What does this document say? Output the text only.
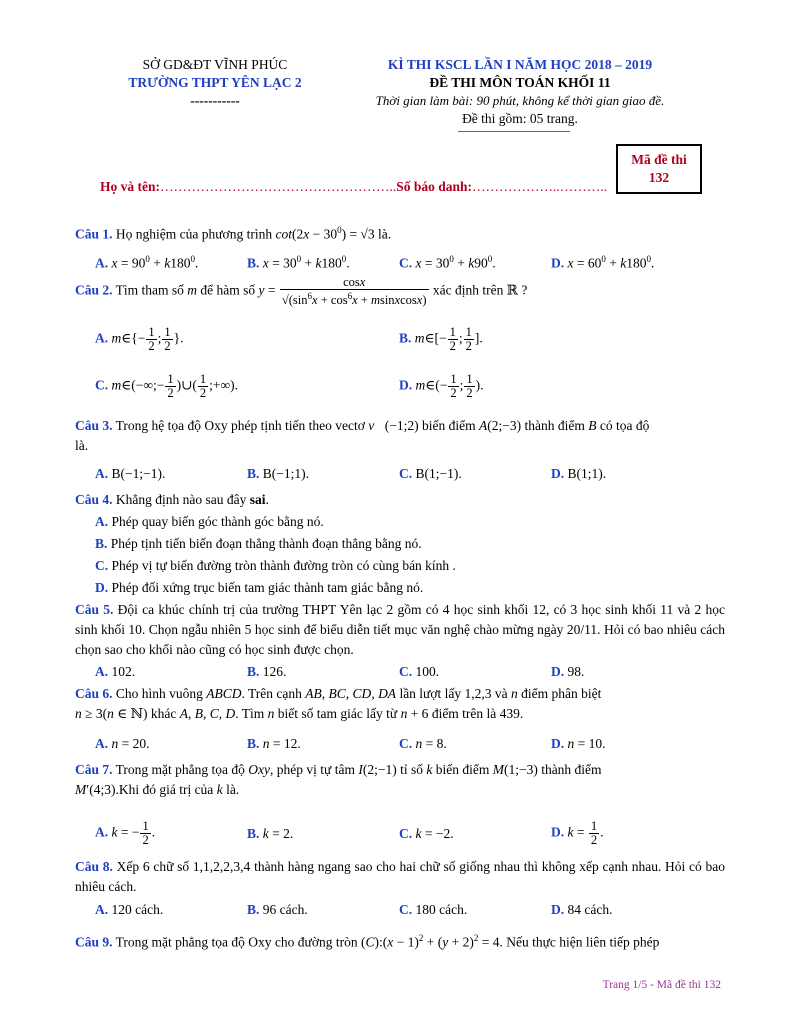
SỞ GD&ĐT VĨNH PHÚC
TRƯỜNG THPT YÊN LẠC 2
-----------
KÌ THI KSCL LẦN I NĂM HỌC 2018 – 2019
ĐỀ THI MÔN TOÁN KHỐI 11
Thời gian làm bài: 90 phút, không kể thời gian giao đề.
Đề thi gồm: 05 trang.
Mã đề thi
132
Họ và tên:……………………………………………..Số báo danh:………………..………..
Câu 1. Họ nghiệm của phương trình $\cot(2x - 30^0) = √3$ là.
A. $x = 90^0 + k180^0$.	B. $x = 30^0 + k180^0$.	C. $x = 30^0 + k90^0$.	D. $x = 60^0 + k180^0$.
Câu 2. Tìm tham số m để hàm số $y = \frac{\cos x}{√(\sin^6x + \cos^6x + msinxcosx)}$ xác định trên ℝ ?
A. m∈{− $\frac{1}{2}$ ; $\frac{1}{2}$ }.	B. m∈[− $\frac{1}{2}$ ; $\frac{1}{2}$ ].
C. m∈(−∞;− $\frac{1}{2}$ )∪( $\frac{1}{2}$ ;+∞).	D. m∈(− $\frac{1}{2}$ ; $\frac{1}{2}$ ).
Câu 3. Trong hệ tọa độ Oxy phép tịnh tiến theo vectơ v⃗(−1;2) biến điểm A(2;−3) thành điểm B có tọa độ
là.
A. B(−1;−1).	B. B(−1;1).	C. B(1;−1).	D. B(1;1).
Câu 4. Khẳng định nào sau đây sai.
A. Phép quay biến góc thành góc bằng nó.
B. Phép tịnh tiến biến đoạn thẳng thành đoạn thẳng bằng nó.
C. Phép vị tự biến đường tròn thành đường tròn có cùng bán kính .
D. Phép đối xứng trục biến tam giác thành tam giác bằng nó.
Câu 5. Đội ca khúc chính trị của trường THPT Yên lạc 2 gồm có 4 học sinh khối 12, có 3 học sinh khối 11 và 2 học sinh khối 10. Chọn ngẫu nhiên 5 học sinh để biểu diễn tiết mục văn nghệ chào mừng ngày 20/11. Hỏi có bao nhiêu cách chọn sao cho khối nào cũng có học sinh được chọn.
A. 102.	B. 126.	C. 100.	D. 98.
Câu 6. Cho hình vuông ABCD. Trên cạnh AB, BC, CD, DA lần lượt lấy 1,2,3 và n điểm phân biệt
n ≥ 3(n ∈ ℕ) khác A, B, C, D. Tìm n biết số tam giác lấy từ n + 6 điểm trên là 439.
A. n = 20.	B. n = 12.	C. n = 8.	D. n = 10.
Câu 7. Trong mặt phẳng tọa độ Oxy, phép vị tự tâm I(2;−1) tỉ số k biến điểm M(1;−3) thành điểm
M′(4;3).Khi đó giá trị của k là.
A. k = − $\frac{1}{2}$ .	B. k = 2.	C. k = −2.	D. $k = \frac{1}{2}$ .
Câu 8. Xếp 6 chữ số 1,1,2,2,3,4 thành hàng ngang sao cho hai chữ số giống nhau thì không xếp cạnh nhau. Hỏi có bao nhiêu cách.
A. 120 cách.	B. 96 cách.	C. 180 cách.	D. 84 cách.
Câu 9. Trong mặt phẳng tọa độ Oxy cho đường tròn (C):(x − $1)^2 + (y + 2)^2 = 4$. Nếu thực hiện liên tiếp phép
Trang 1/5 - Mã đề thi 132
